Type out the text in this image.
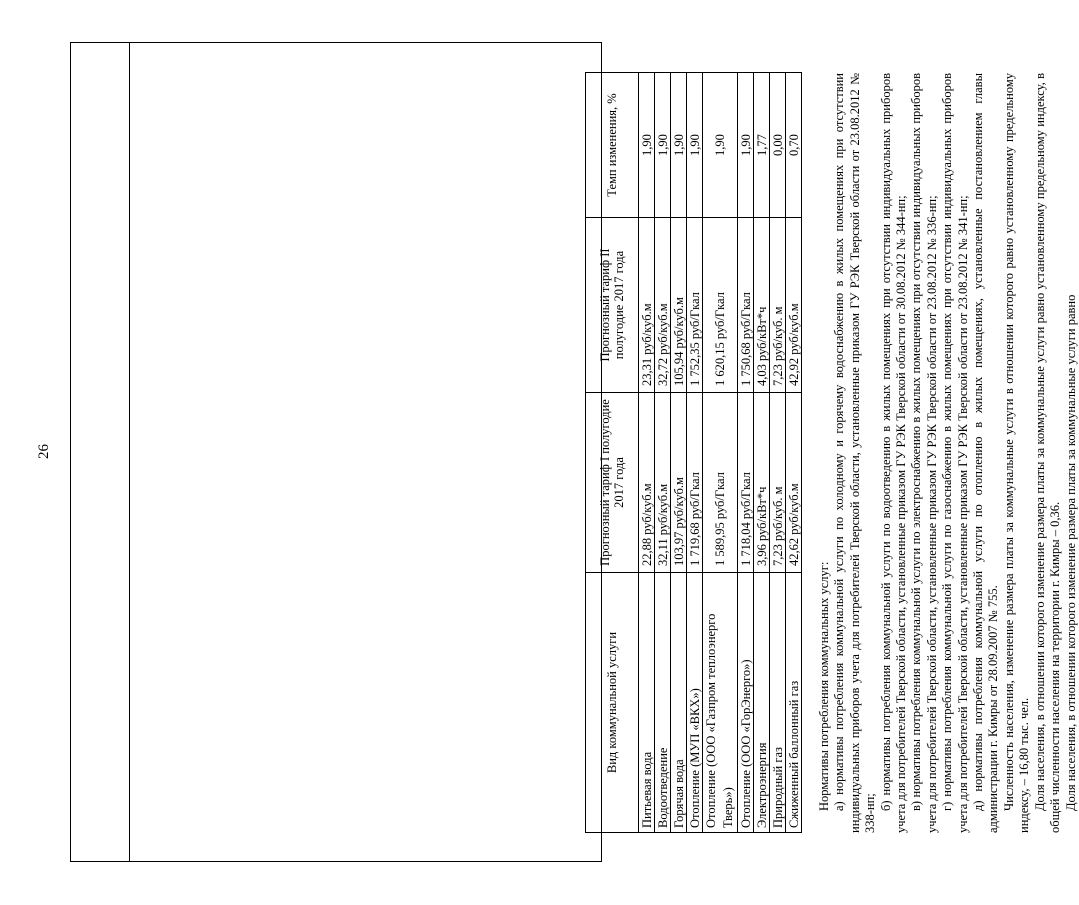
26
Вид коммунальной услуги	Прогнозный тариф I полугодие 2017 года	Прогнозный тариф II полугодие 2017 года	Темп изменения, %
Питьевая вода	22,88 руб/куб.м	23,31 руб/куб.м	1,90
Водоотведение	32,11 руб/куб.м	32,72 руб/куб.м	1,90
Горячая вода	103,97 руб/куб.м	105,94 руб/куб.м	1,90
Отопление (МУП «ВКХ»)	1 719,68 руб/Гкал	1 752,35 руб/Гкал	1,90
Отопление (ООО «Газпром теплоэнерго Тверь»)	1 589,95 руб/Гкал	1 620,15 руб/Гкал	1,90
Отопление (ООО «ГорЭнерго»)	1 718,04 руб/Гкал	1 750,68 руб/Гкал	1,90
Электроэнергия	3,96 руб/кВт*ч	4,03 руб/кВт*ч	1,77
Природный газ	7,23 руб/куб. м	7,23 руб/куб. м	0,00
Сжиженный баллонный газ	42,62 руб/куб.м	42,92 руб/куб.м	0,70

Нормативы потребления коммунальных услуг: а) нормативы потребления коммунальной услуги по холодному и горячему водоснабжению в жилых помещениях при отсутствии индивидуальных приборов учета для потребителей Тверской области, установленные приказом ГУ РЭК Тверской области от 23.08.2012 № 338-нп;

б) нормативы потребления коммунальной услуги по водоотведению в жилых помещениях при отсутствии индивидуальных приборов учета для потребителей Тверской области, установленные приказом ГУ РЭК Тверской области от 30.08.2012 № 344-нп; в) нормативы потребления коммунальной услуги по электроснабжению в жилых помещениях при отсутствии индивидуальных приборов учета для потребителей Тверской области, установленные приказом ГУ РЭК Тверской области от 23.08.2012 № 336-нп; г) нормативы потребления коммунальной услуги по газоснабжению в жилых помещениях при отсутствии индивидуальных приборов учета для потребителей Тверской области, установленные приказом ГУ РЭК Тверской области от 23.08.2012 № 341-нп; д) нормативы потребления коммунальной услуги по отоплению в жилых помещениях, установленные постановлением главы администрации г. Кимры от 28.09.2007 № 755. Численность населения, изменение размера платы за коммунальные услуги в отношении которого равно установленному предельному индексу, – 16,80 тыс. чел. Доля населения, в отношении которого изменение размера платы за коммунальные услуги равно установленному предельному индексу, в общей численности населения на территории г. Кимры – 0,36. Доля населения, в отношении которого изменение размера платы за коммунальные услуги равно
